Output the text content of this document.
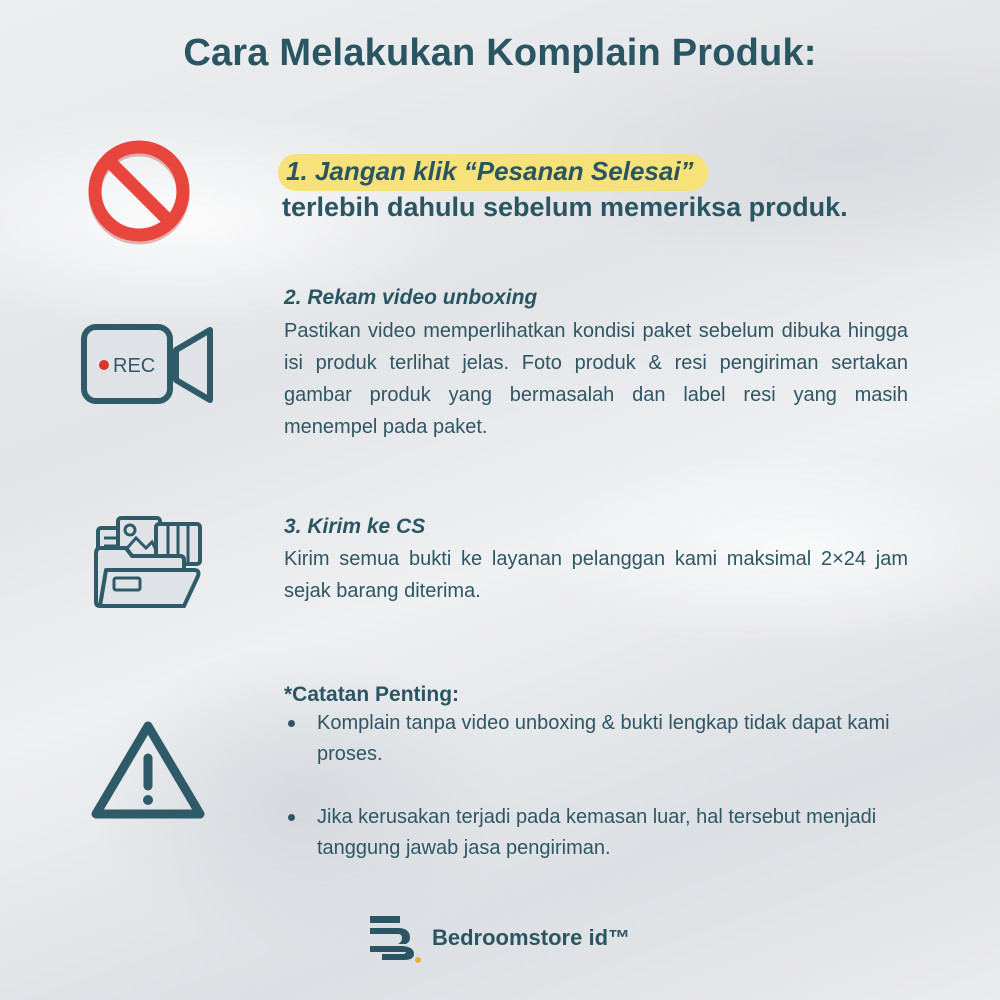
Cara Melakukan Komplain Produk:
1. Jangan klik “Pesanan Selesai”
terlebih dahulu sebelum memeriksa produk.
REC
2. Rekam video unboxing
Pastikan video memperlihatkan kondisi paket sebelum dibuka hingga isi produk terlihat jelas. Foto produk & resi pengiriman sertakan gambar produk yang bermasalah dan label resi yang masih menempel pada paket.
3. Kirim ke CS
Kirim semua bukti ke layanan pelanggan kami maksimal 2×24 jam sejak barang diterima.
*Catatan Penting:
Komplain tanpa video unboxing & bukti lengkap tidak dapat kami proses.
Jika kerusakan terjadi pada kemasan luar, hal tersebut menjadi tanggung jawab jasa pengiriman.
Bedroomstore id™
